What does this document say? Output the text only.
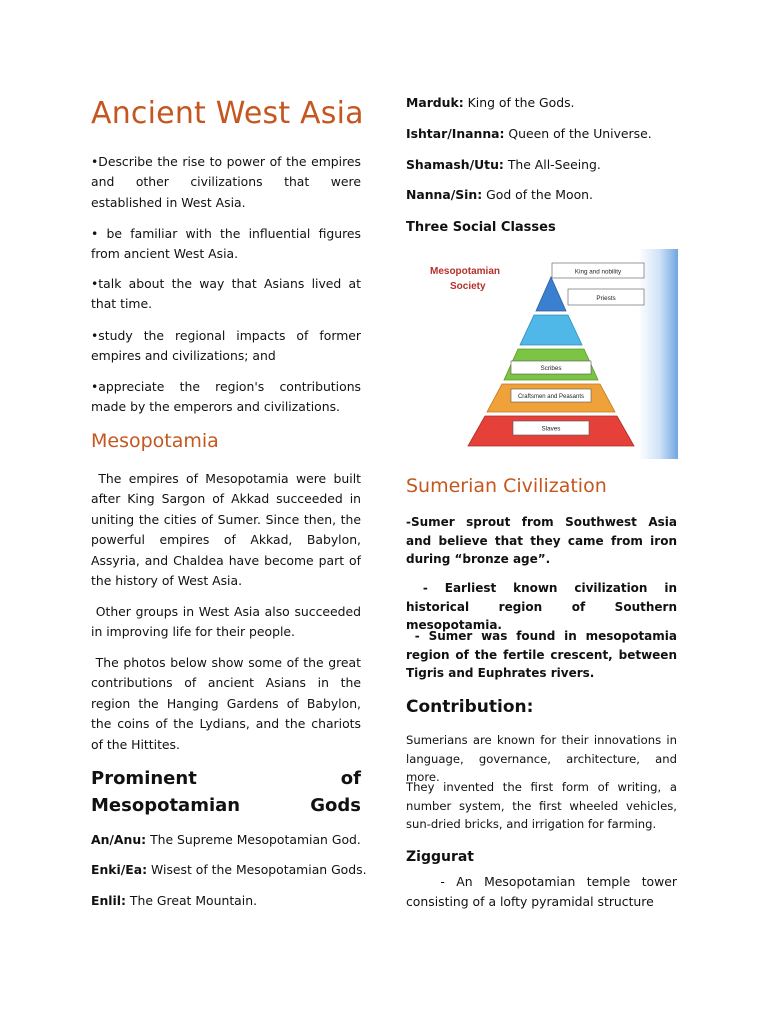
Ancient West Asia

•Describe the rise to power of the empires and other civilizations that were established in West Asia.

• be familiar with the influential figures from ancient West Asia.

•talk about the way that Asians lived at that time.

•study the regional impacts of former empires and civilizations; and

•appreciate the region's contributions made by the emperors and civilizations.

Mesopotamia

The empires of Mesopotamia were built after King Sargon of Akkad succeeded in uniting the cities of Sumer. Since then, the powerful empires of Akkad, Babylon, Assyria, and Chaldea have become part of the history of West Asia.

Other groups in West Asia also succeeded in improving life for their people.

The photos below show some of the great contributions of ancient Asians in the region the Hanging Gardens of Babylon, the coins of the Lydians, and the chariots of the Hittites.

Prominent of Mesopotamian Gods

An/Anu: The Supreme Mesopotamian God.

Enki/Ea: Wisest of the Mesopotamian Gods.

Enlil: The Great Mountain.

Marduk: King of the Gods.

Ishtar/Inanna: Queen of the Universe.

Shamash/Utu: The All-Seeing.

Nanna/Sin: God of the Moon.

Three Social Classes
Mesopotamian
Society
King and nobility
Priests
Scribes
Craftsmen and Peasants
Slaves
Sumerian Civilization

-Sumer sprout from Southwest Asia and believe that they came from iron during “bronze age”.

- Earliest known civilization in historical region of Southern mesopotamia.

- Sumer was found in mesopotamia region of the fertile crescent, between Tigris and Euphrates rivers.

Contribution:

Sumerians are known for their innovations in language, governance, architecture, and more.

They invented the first form of writing, a number system, the first wheeled vehicles, sun-dried bricks, and irrigation for farming.

Ziggurat

- An Mesopotamian temple tower consisting of a lofty pyramidal structure
